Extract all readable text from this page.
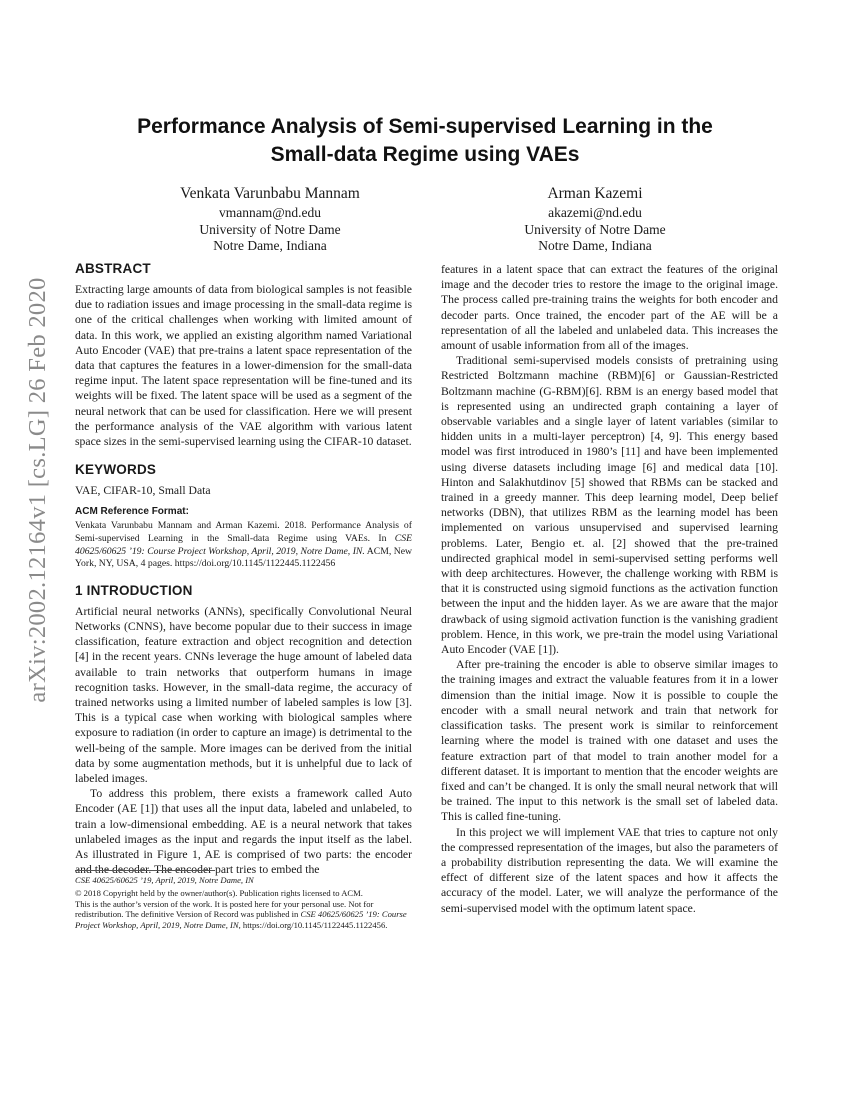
arXiv:2002.12164v1 [cs.LG] 26 Feb 2020
Performance Analysis of Semi-supervised Learning in the
Small-data Regime using VAEs
Venkata Varunbabu Mannam
vmannam@nd.edu
University of Notre Dame
Notre Dame, Indiana
Arman Kazemi
akazemi@nd.edu
University of Notre Dame
Notre Dame, Indiana
ABSTRACT

Extracting large amounts of data from biological samples is not feasible due to radiation issues and image processing in the small-data regime is one of the critical challenges when working with limited amount of data. In this work, we applied an existing algorithm named Variational Auto Encoder (VAE) that pre-trains a latent space representation of the data that captures the features in a lower-dimension for the small-data regime input. The latent space representation will be fine-tuned and its weights will be fixed. The latent space will be used as a segment of the neural network that can be used for classification. Here we will present the performance analysis of the VAE algorithm with various latent space sizes in the semi-supervised learning using the CIFAR-10 dataset.

KEYWORDS

VAE, CIFAR-10, Small Data

ACM Reference Format:

Venkata Varunbabu Mannam and Arman Kazemi. 2018. Performance Analysis of Semi-supervised Learning in the Small-data Regime using VAEs. In CSE 40625/60625 ’19: Course Project Workshop, April, 2019, Notre Dame, IN. ACM, New York, NY, USA, 4 pages. https://doi.org/10.1145/1122445.1122456

1 INTRODUCTION

Artificial neural networks (ANNs), specifically Convolutional Neural Networks (CNNS), have become popular due to their success in image classification, feature extraction and object recognition and detection [4] in the recent years. CNNs leverage the huge amount of labeled data available to train networks that outperform humans in image recognition tasks. However, in the small-data regime, the accuracy of trained networks using a limited number of labeled samples is low [3]. This is a typical case when working with biological samples where exposure to radiation (in order to capture an image) is detrimental to the well-being of the sample. More images can be derived from the initial data by some augmentation methods, but it is unhelpful due to lack of labeled images.

To address this problem, there exists a framework called Auto Encoder (AE [1]) that uses all the input data, labeled and unlabeled, to train a low-dimensional embedding. AE is a neural network that takes unlabeled images as the input and regards the input itself as the label. As illustrated in Figure 1, AE is comprised of two parts: the encoder and the decoder. The encoder part tries to embed the

CSE 40625/60625 ’19, April, 2019, Notre Dame, IN
© 2018 Copyright held by the owner/author(s). Publication rights licensed to ACM.
This is the author’s version of the work. It is posted here for your personal use. Not for redistribution. The definitive Version of Record was published in CSE 40625/60625 ’19: Course Project Workshop, April, 2019, Notre Dame, IN, https://doi.org/10.1145/1122445.1122456.

features in a latent space that can extract the features of the original image and the decoder tries to restore the image to the original image. The process called pre-training trains the weights for both encoder and decoder parts. Once trained, the encoder part of the AE will be a representation of all the labeled and unlabeled data. This increases the amount of usable information from all of the images.

Traditional semi-supervised models consists of pretraining using Restricted Boltzmann machine (RBM)[6] or Gaussian-Restricted Boltzmann machine (G-RBM)[6]. RBM is an energy based model that is represented using an undirected graph containing a layer of observable variables and a single layer of latent variables (similar to hidden units in a multi-layer perceptron) [4, 9]. This energy based model was first introduced in 1980’s [11] and have been implemented using diverse datasets including image [6] and medical data [10]. Hinton and Salakhutdinov [5] showed that RBMs can be stacked and trained in a greedy manner. This deep learning model, Deep belief networks (DBN), that utilizes RBM as the learning model has been implemented on various unsupervised and supervised learning problems. Later, Bengio et. al. [2] showed that the pre-trained undirected graphical model in semi-supervised setting performs well with deep architectures. However, the challenge working with RBM is that it is constructed using sigmoid functions as the activation function between the input and the hidden layer. As we are aware that the major drawback of using sigmoid activation function is the vanishing gradient problem. Hence, in this work, we pre-train the model using Variational Auto Encoder (VAE [1]).

After pre-training the encoder is able to observe similar images to the training images and extract the valuable features from it in a lower dimension than the initial image. Now it is possible to couple the encoder with a small neural network and train that network for classification tasks. The present work is similar to reinforcement learning where the model is trained with one dataset and uses the feature extraction part of that model to train another model for a different dataset. It is important to mention that the encoder weights are fixed and can’t be changed. It is only the small neural network that will be trained. The input to this network is the small set of labeled data. This is called fine-tuning.

In this project we will implement VAE that tries to capture not only the compressed representation of the images, but also the parameters of a probability distribution representing the data. We will examine the effect of different size of the latent spaces and how it affects the accuracy of the model. Later, we will analyze the performance of the semi-supervised model with the optimum latent space.
